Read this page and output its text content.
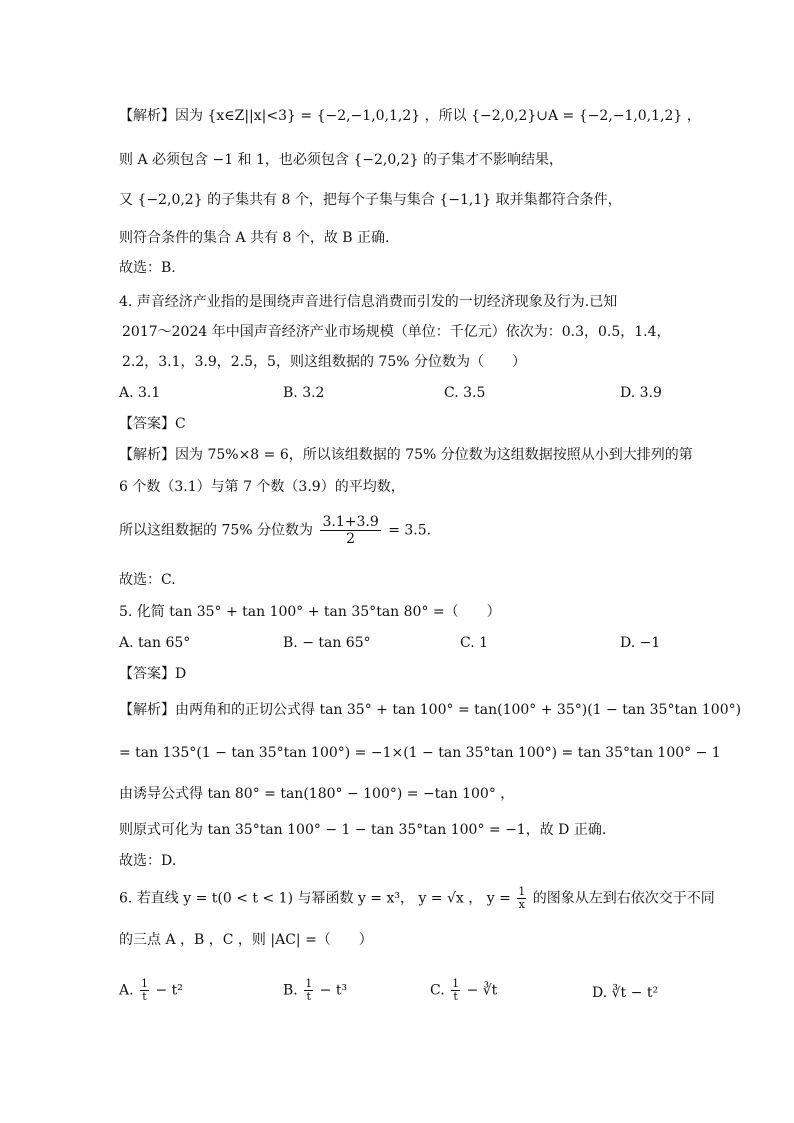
【解析】因为 {x∈Z||x|<3} = {−2,−1,0,1,2} ，所以 {−2,0,2}∪A = {−2,−1,0,1,2} ，
则 A 必须包含 −1 和 1，也必须包含 {−2,0,2} 的子集才不影响结果，
又 {−2,0,2} 的子集共有 8 个，把每个子集与集合 {−1,1} 取并集都符合条件，
则符合条件的集合 A 共有 8 个，故 B 正确.
故选：B.
4. 声音经济产业指的是围绕声音进行信息消费而引发的一切经济现象及行为.已知
2017～2024 年中国声音经济产业市场规模（单位：千亿元）依次为：0.3，0.5，1.4，
2.2，3.1，3.9，2.5，5，则这组数据的 75% 分位数为（　　）
A. 3.1	B. 3.2	C. 3.5	D. 3.9
【答案】C
【解析】因为 75%×8 = 6，所以该组数据的 75% 分位数为这组数据按照从小到大排列的第
6 个数（3.1）与第 7 个数（3.9）的平均数，
所以这组数据的 75% 分位数为 $\frac{3.1+3.9}{2} = 3.5$.
故选：C.
5. 化简 tan 35° + tan 100° + tan 35°tan 80° =（　　）
A. tan 65°	B. − tan 65°	C. 1	D. −1
【答案】D
【解析】由两角和的正切公式得 tan 35° + tan 100° = tan(100° + 35°)(1 − tan 35°tan 100°)
= tan 135°(1 − tan 35°tan 100°) = −1×(1 − tan 35°tan 100°) = tan 35°tan 100° − 1
由诱导公式得 tan 80° = tan(180° − 100°) = −tan 100° ，
则原式可化为 tan 35°tan 100° − 1 − tan 35°tan 100° = −1，故 D 正确.
故选：D.
6. 若直线 y = t(0 < t < 1) 与幂函数 y = x³， y = √x ， $y = \frac{1}{x}$ 的图象从左到右依次交于不同
的三点 A ，B ，C ，则 |AC| =（　　）
A. $\frac{1}{t} - t^2$	B. $\frac{1}{t} - t^3$	C. $\frac{1}{t}$ − ∛t	D. ∛t − t²
